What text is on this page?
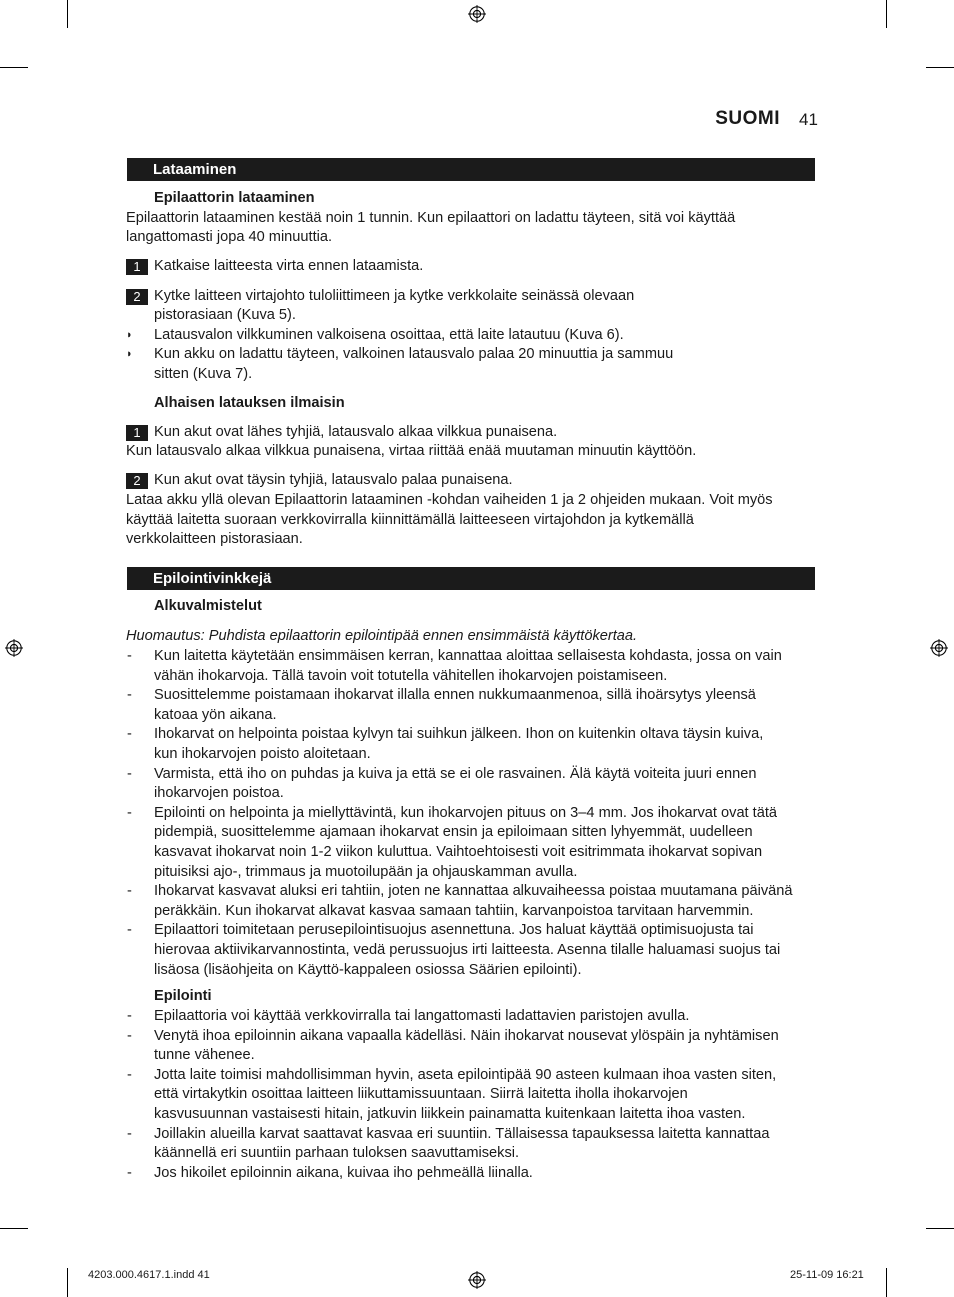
SUOMI 41
Lataaminen
Epilaattorin lataaminen
Epilaattorin lataaminen kestää noin 1 tunnin. Kun epilaattori on ladattu täyteen, sitä voi käyttää
langattomasti jopa 40 minuuttia.
1 Katkaise laitteesta virta ennen lataamista.
2 Kytke laitteen virtajohto tuloliittimeen ja kytke verkkolaite seinässä olevaan
pistorasiaan (Kuva 5).
◗ Latausvalon vilkkuminen valkoisena osoittaa, että laite latautuu (Kuva 6).
◗ Kun akku on ladattu täyteen, valkoinen latausvalo palaa 20 minuuttia ja sammuu
sitten (Kuva 7).
Alhaisen latauksen ilmaisin
1 Kun akut ovat lähes tyhjiä, latausvalo alkaa vilkkua punaisena.
Kun latausvalo alkaa vilkkua punaisena, virtaa riittää enää muutaman minuutin käyttöön.
2 Kun akut ovat täysin tyhjiä, latausvalo palaa punaisena.
Lataa akku yllä olevan Epilaattorin lataaminen -kohdan vaiheiden 1 ja 2 ohjeiden mukaan. Voit myös
käyttää laitetta suoraan verkkovirralla kiinnittämällä laitteeseen virtajohdon ja kytkemällä
verkkolaitteen pistorasiaan.
Epilointivinkkejä
Alkuvalmistelut
Huomautus: Puhdista epilaattorin epilointipää ennen ensimmäistä käyttökertaa.
- Kun laitetta käytetään ensimmäisen kerran, kannattaa aloittaa sellaisesta kohdasta, jossa on vain
vähän ihokarvoja. Tällä tavoin voit totutella vähitellen ihokarvojen poistamiseen.
- Suosittelemme poistamaan ihokarvat illalla ennen nukkumaanmenoa, sillä ihoärsytys yleensä
katoaa yön aikana.
- Ihokarvat on helpointa poistaa kylvyn tai suihkun jälkeen. Ihon on kuitenkin oltava täysin kuiva,
kun ihokarvojen poisto aloitetaan.
- Varmista, että iho on puhdas ja kuiva ja että se ei ole rasvainen. Älä käytä voiteita juuri ennen
ihokarvojen poistoa.
- Epilointi on helpointa ja miellyttävintä, kun ihokarvojen pituus on 3–4 mm. Jos ihokarvat ovat tätä
pidempiä, suosittelemme ajamaan ihokarvat ensin ja epiloimaan sitten lyhyemmät, uudelleen
kasvavat ihokarvat noin 1-2 viikon kuluttua. Vaihtoehtoisesti voit esitrimmata ihokarvat sopivan
pituisiksi ajo-, trimmaus ja muotoilupään ja ohjauskamman avulla.
- Ihokarvat kasvavat aluksi eri tahtiin, joten ne kannattaa alkuvaiheessa poistaa muutamana päivänä
peräkkäin. Kun ihokarvat alkavat kasvaa samaan tahtiin, karvanpoistoa tarvitaan harvemmin.
- Epilaattori toimitetaan perusepilointisuojus asennettuna. Jos haluat käyttää optimisuojusta tai
hierovaa aktiivikarvannostinta, vedä perussuojus irti laitteesta. Asenna tilalle haluamasi suojus tai
lisäosa (lisäohjeita on Käyttö-kappaleen osiossa Säärien epilointi).
Epilointi
- Epilaattoria voi käyttää verkkovirralla tai langattomasti ladattavien paristojen avulla.
- Venytä ihoa epiloinnin aikana vapaalla kädelläsi. Näin ihokarvat nousevat ylöspäin ja nyhtämisen
tunne vähenee.
- Jotta laite toimisi mahdollisimman hyvin, aseta epilointipää 90 asteen kulmaan ihoa vasten siten,
että virtakytkin osoittaa laitteen liikuttamissuuntaan. Siirrä laitetta iholla ihokarvojen
kasvusuunnan vastaisesti hitain, jatkuvin liikkein painamatta kuitenkaan laitetta ihoa vasten.
- Joillakin alueilla karvat saattavat kasvaa eri suuntiin. Tällaisessa tapauksessa laitetta kannattaa
käännellä eri suuntiin parhaan tuloksen saavuttamiseksi.
- Jos hikoilet epiloinnin aikana, kuivaa iho pehmeällä liinalla.
4203.000.4617.1.indd 41	25-11-09 16:21
